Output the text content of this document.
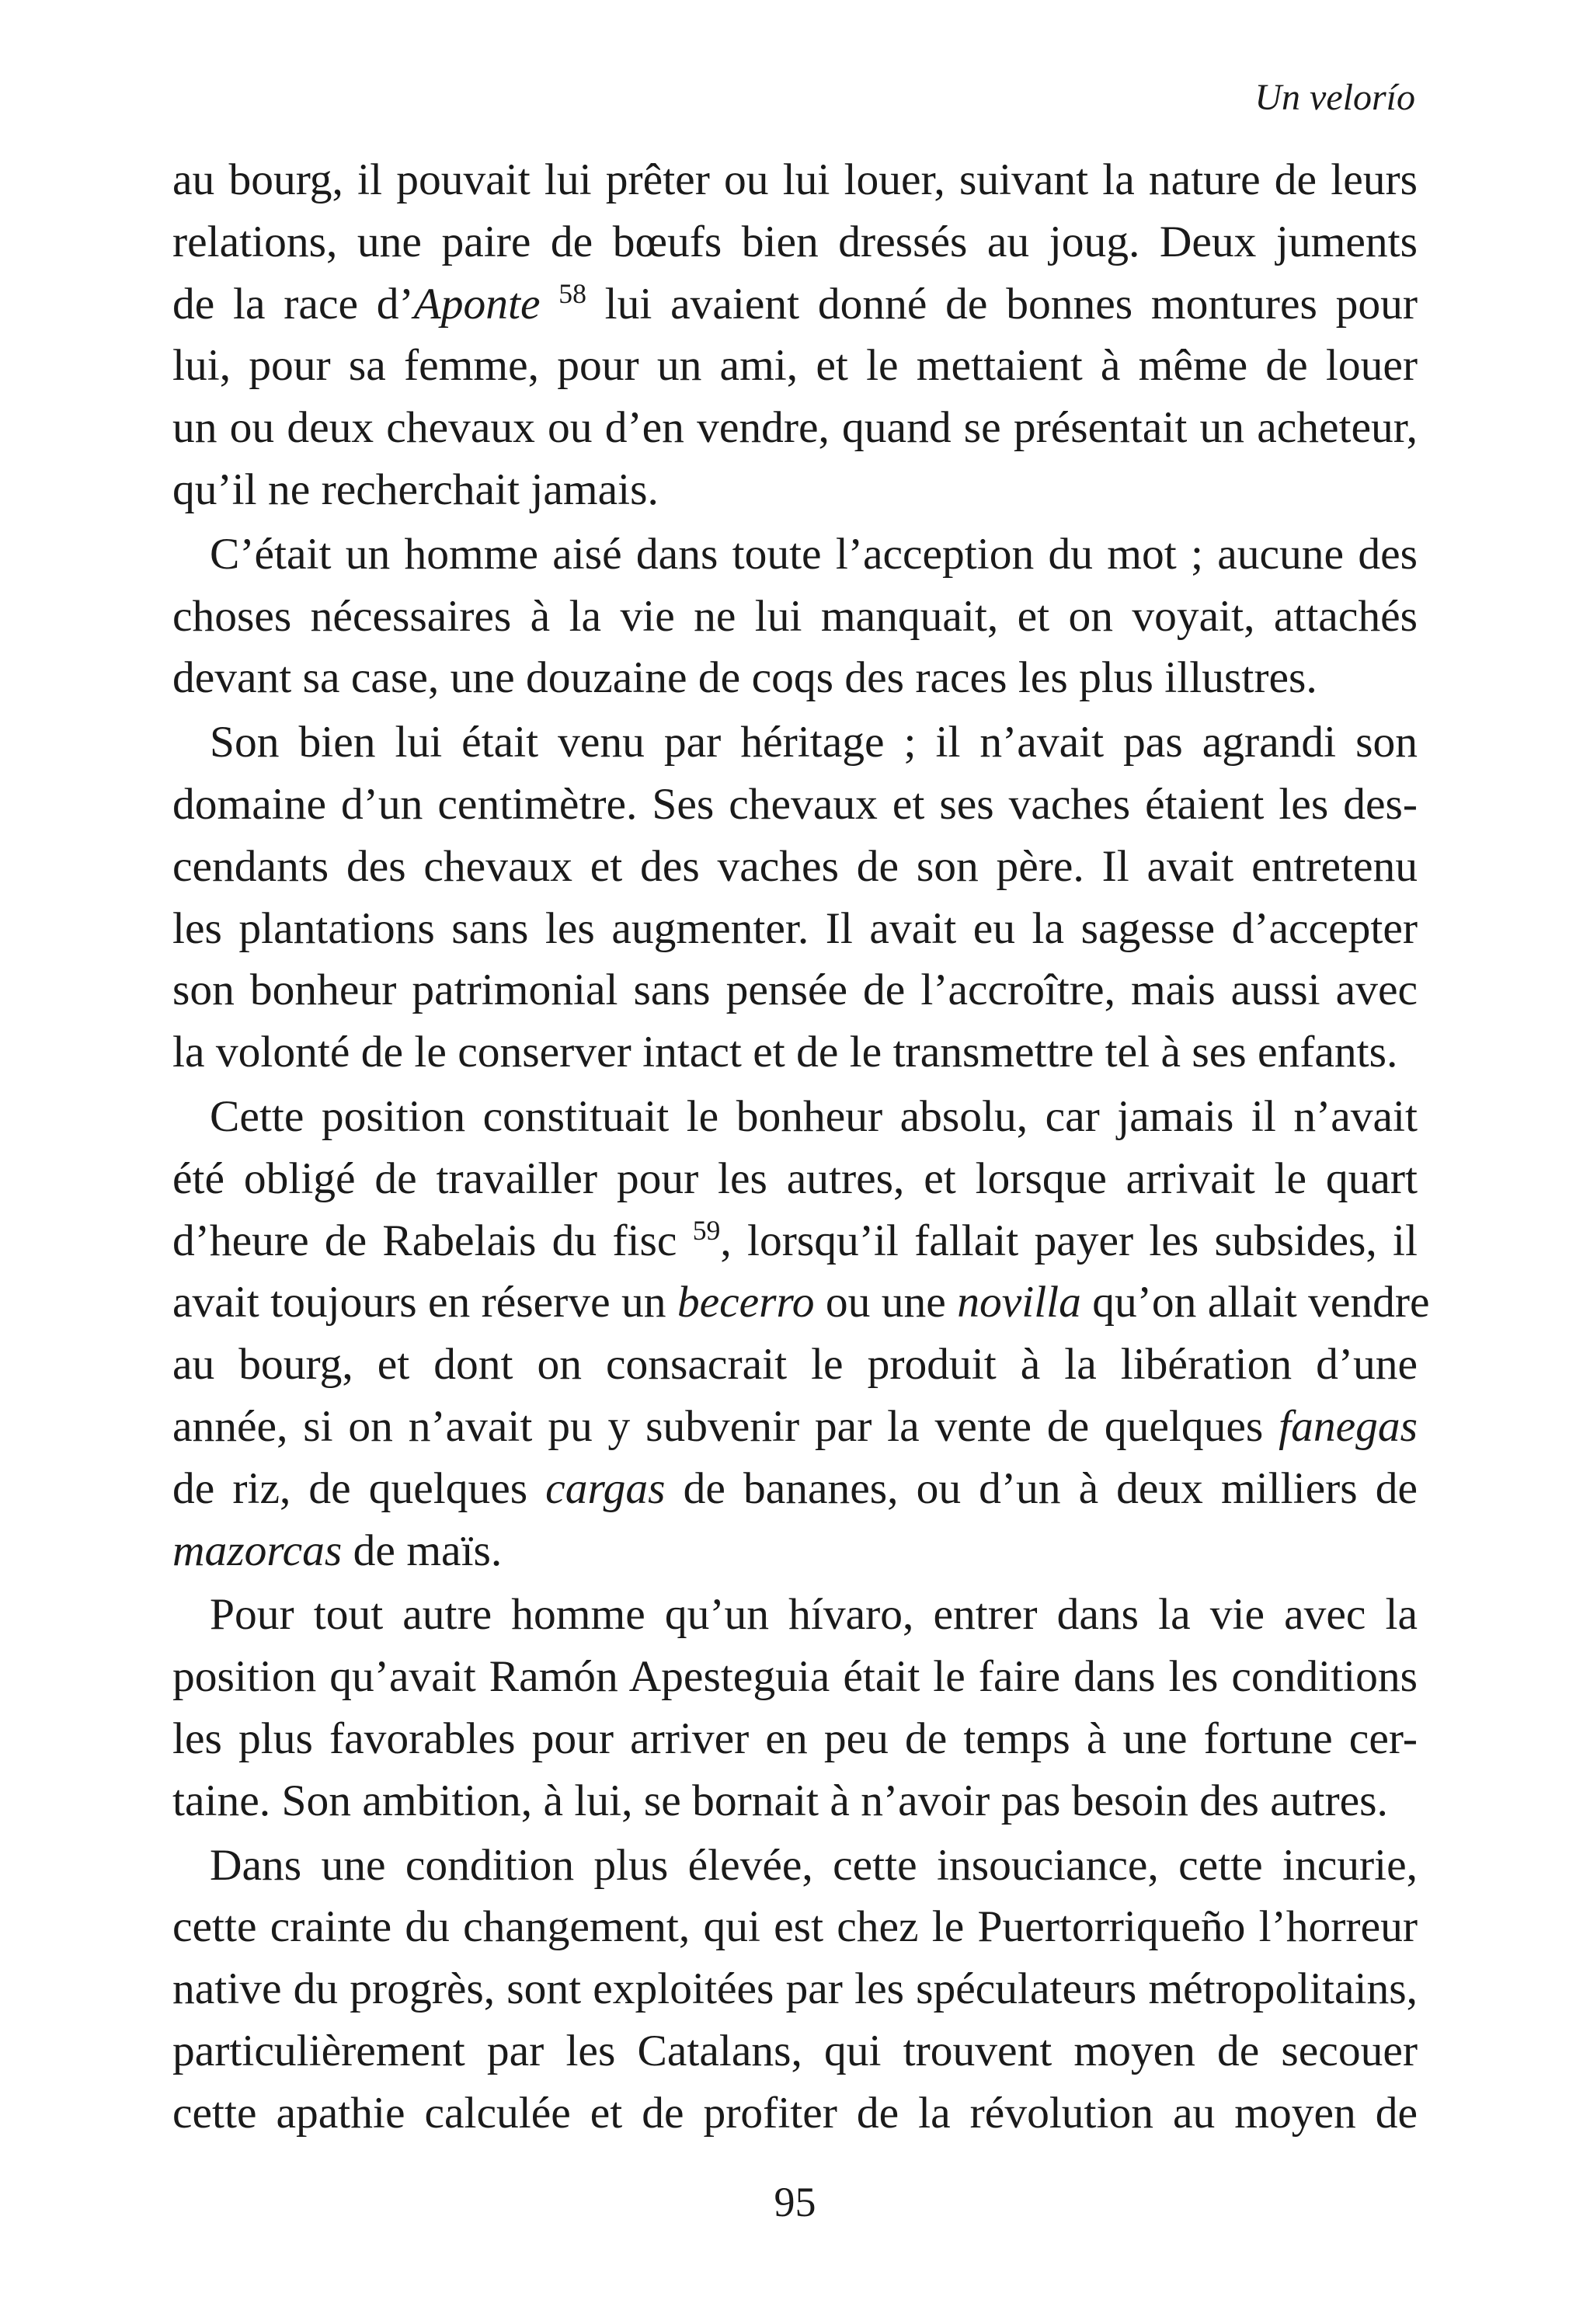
Un velorío
au bourg, il pouvait lui prêter ou lui louer, suivant la nature de leurs
relations, une paire de bœufs bien dressés au joug. Deux juments
de la race d’Aponte $^{58}$ lui avaient donné de bonnes montures pour
lui, pour sa femme, pour un ami, et le mettaient à même de louer
un ou deux chevaux ou d’en vendre, quand se présentait un acheteur,
qu’il ne recherchait jamais.
C’était un homme aisé dans toute l’acception du mot ; aucune des
choses nécessaires à la vie ne lui manquait, et on voyait, attachés
devant sa case, une douzaine de coqs des races les plus illustres.
Son bien lui était venu par héritage ; il n’avait pas agrandi son
domaine d’un centimètre. Ses chevaux et ses vaches étaient les des-
cendants des chevaux et des vaches de son père. Il avait entretenu
les plantations sans les augmenter. Il avait eu la sagesse d’accepter
son bonheur patrimonial sans pensée de l’accroître, mais aussi avec
la volonté de le conserver intact et de le transmettre tel à ses enfants.
Cette position constituait le bonheur absolu, car jamais il n’avait
été obligé de travailler pour les autres, et lorsque arrivait le quart
d’heure de Rabelais du fisc $^{59}$, lorsqu’il fallait payer les subsides, il
avait toujours en réserve un becerro ou une novilla qu’on allait vendre
au bourg, et dont on consacrait le produit à la libération d’une
année, si on n’avait pu y subvenir par la vente de quelques fanegas
de riz, de quelques cargas de bananes, ou d’un à deux milliers de
mazorcas de maïs.
Pour tout autre homme qu’un hívaro, entrer dans la vie avec la
position qu’avait Ramón Apesteguia était le faire dans les conditions
les plus favorables pour arriver en peu de temps à une fortune cer-
taine. Son ambition, à lui, se bornait à n’avoir pas besoin des autres.
Dans une condition plus élevée, cette insouciance, cette incurie,
cette crainte du changement, qui est chez le Puertorriqueño l’horreur
native du progrès, sont exploitées par les spéculateurs métropolitains,
particulièrement par les Catalans, qui trouvent moyen de secouer
cette apathie calculée et de profiter de la révolution au moyen de
95
